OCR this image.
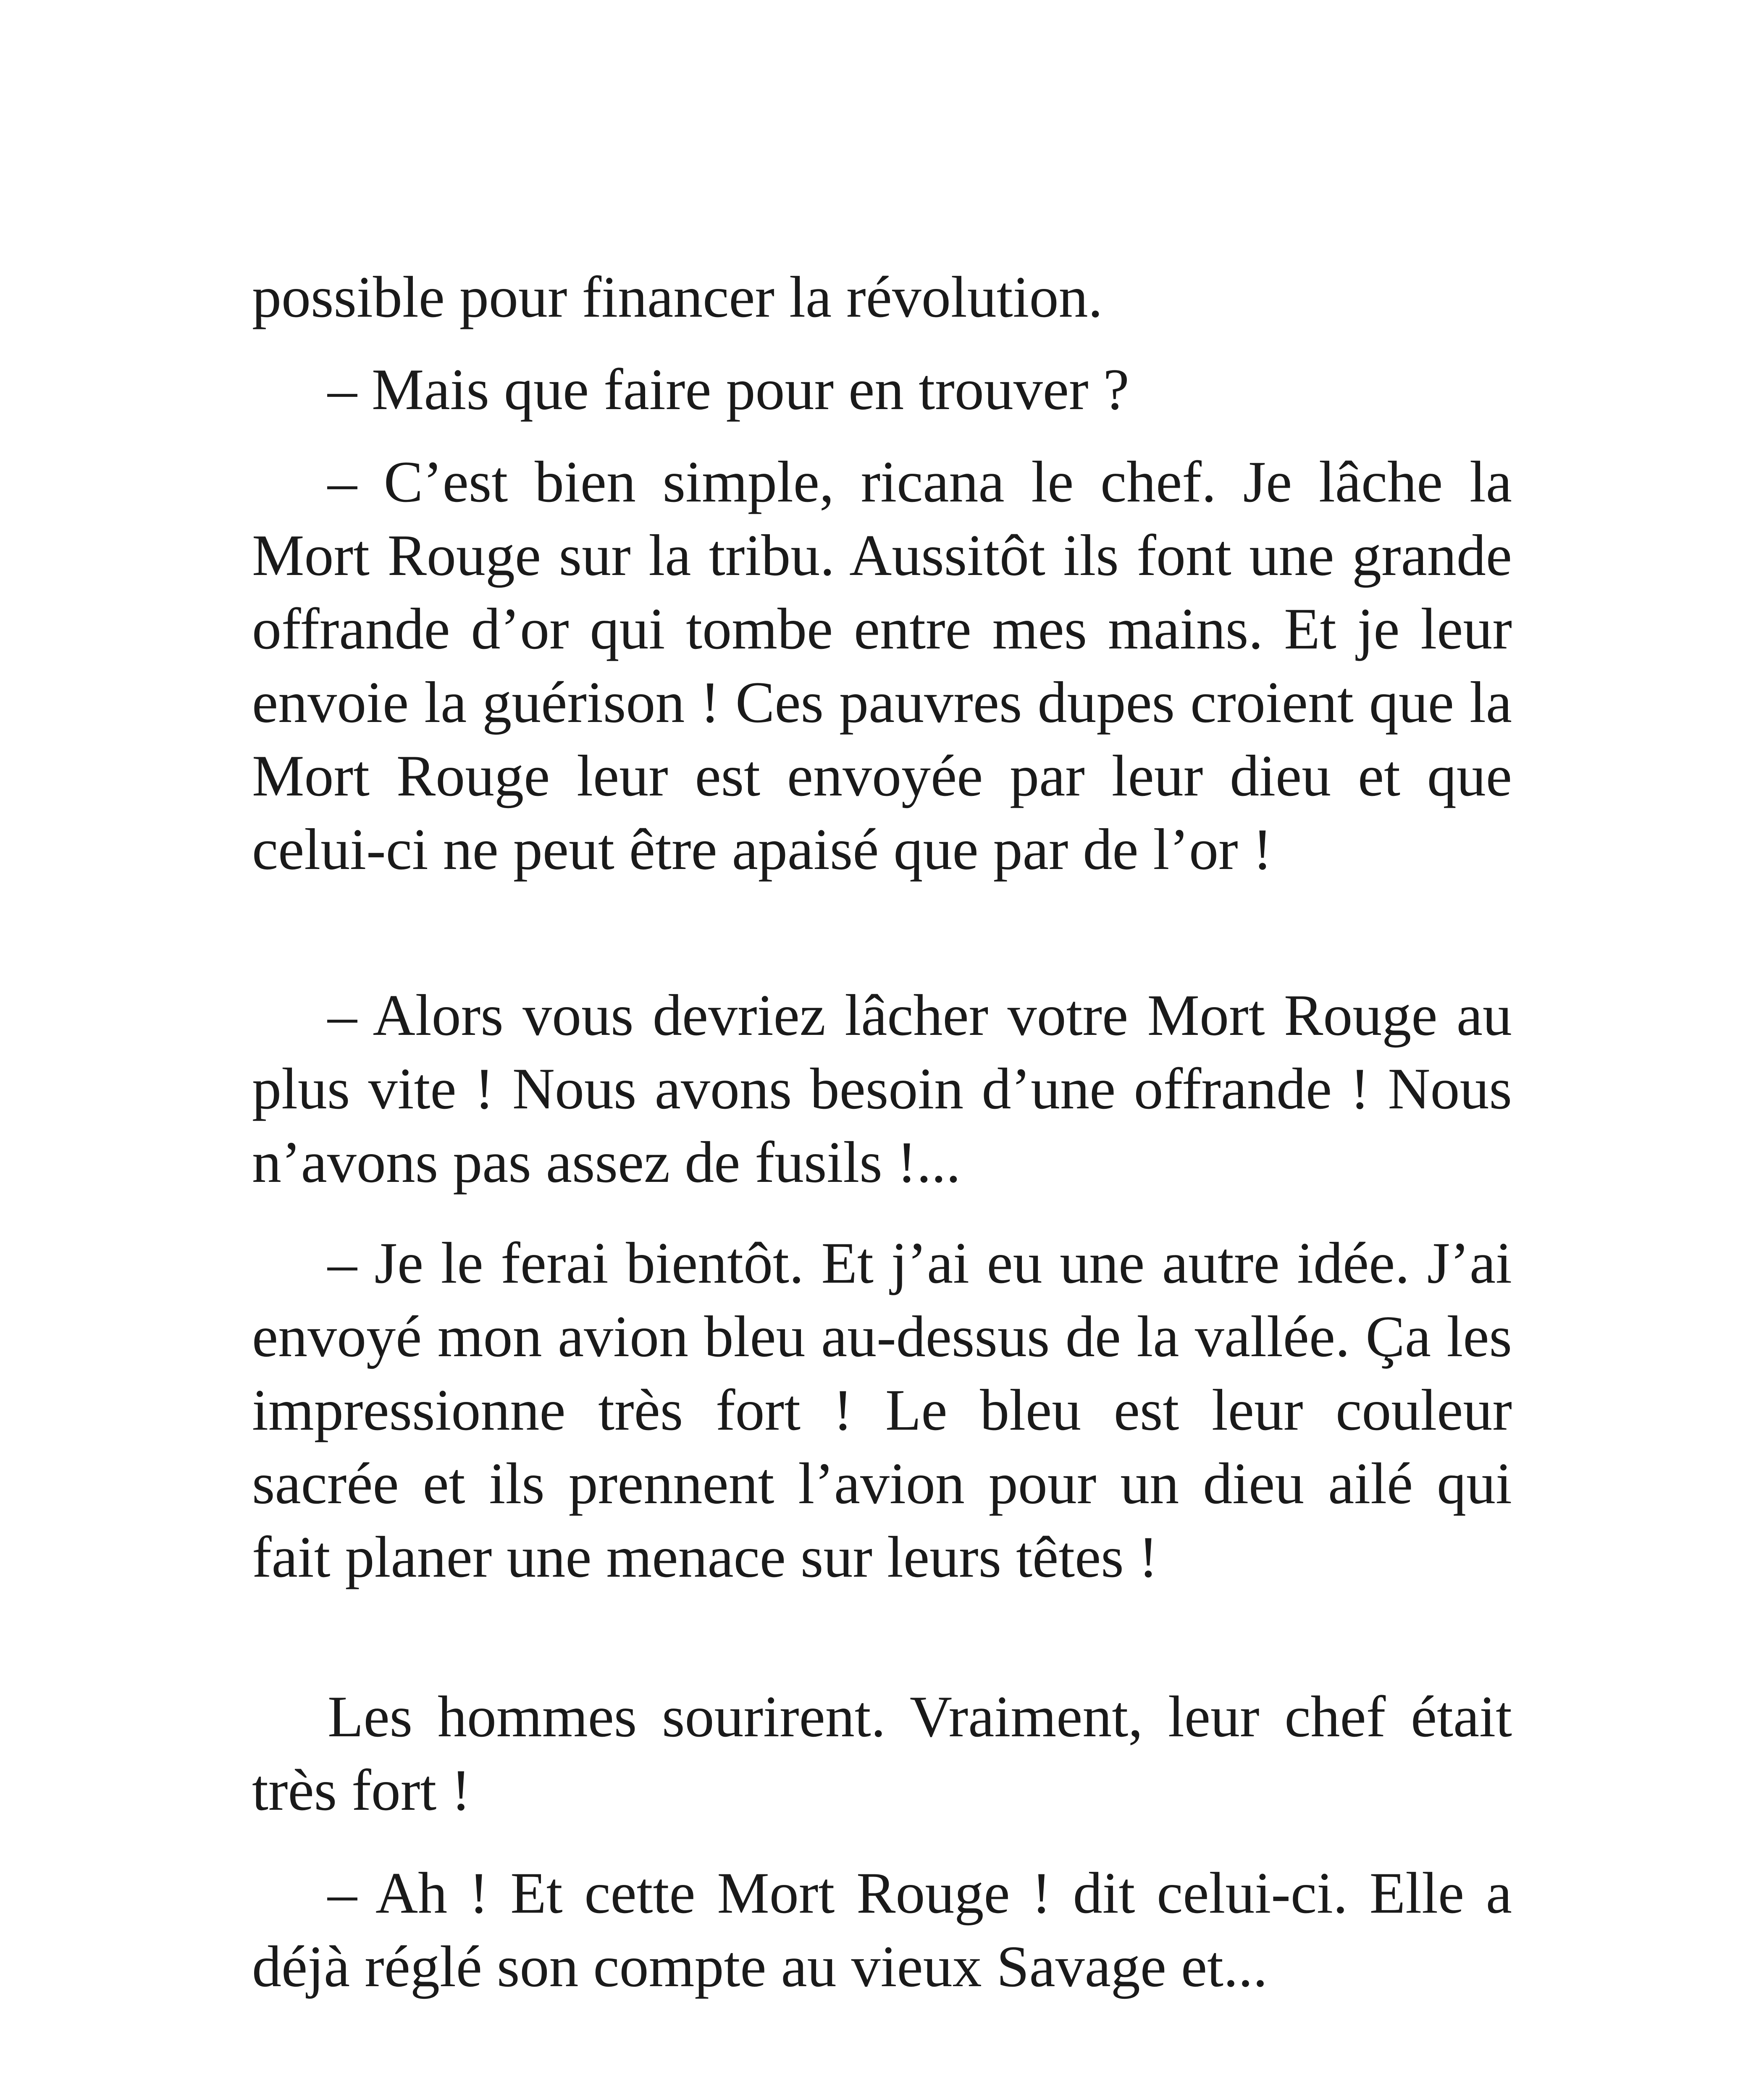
possible pour financer la révolution.

– Mais que faire pour en trouver ?

– C’est bien simple, ricana le chef. Je lâche la Mort Rouge sur la tribu. Aussitôt ils font une grande offrande d’or qui tombe entre mes mains. Et je leur envoie la guérison ! Ces pauvres dupes croient que la Mort Rouge leur est envoyée par leur dieu et que celui-ci ne peut être apaisé que par de l’or !

– Alors vous devriez lâcher votre Mort Rouge au plus vite ! Nous avons besoin d’une offrande ! Nous n’avons pas assez de fusils !...

– Je le ferai bientôt. Et j’ai eu une autre idée. J’ai envoyé mon avion bleu au-dessus de la vallée. Ça les impressionne très fort ! Le bleu est leur couleur sacrée et ils prennent l’avion pour un dieu ailé qui fait planer une menace sur leurs têtes !

Les hommes sourirent. Vraiment, leur chef était très fort !

– Ah ! Et cette Mort Rouge ! dit celui-ci. Elle a déjà réglé son compte au vieux Savage et...
